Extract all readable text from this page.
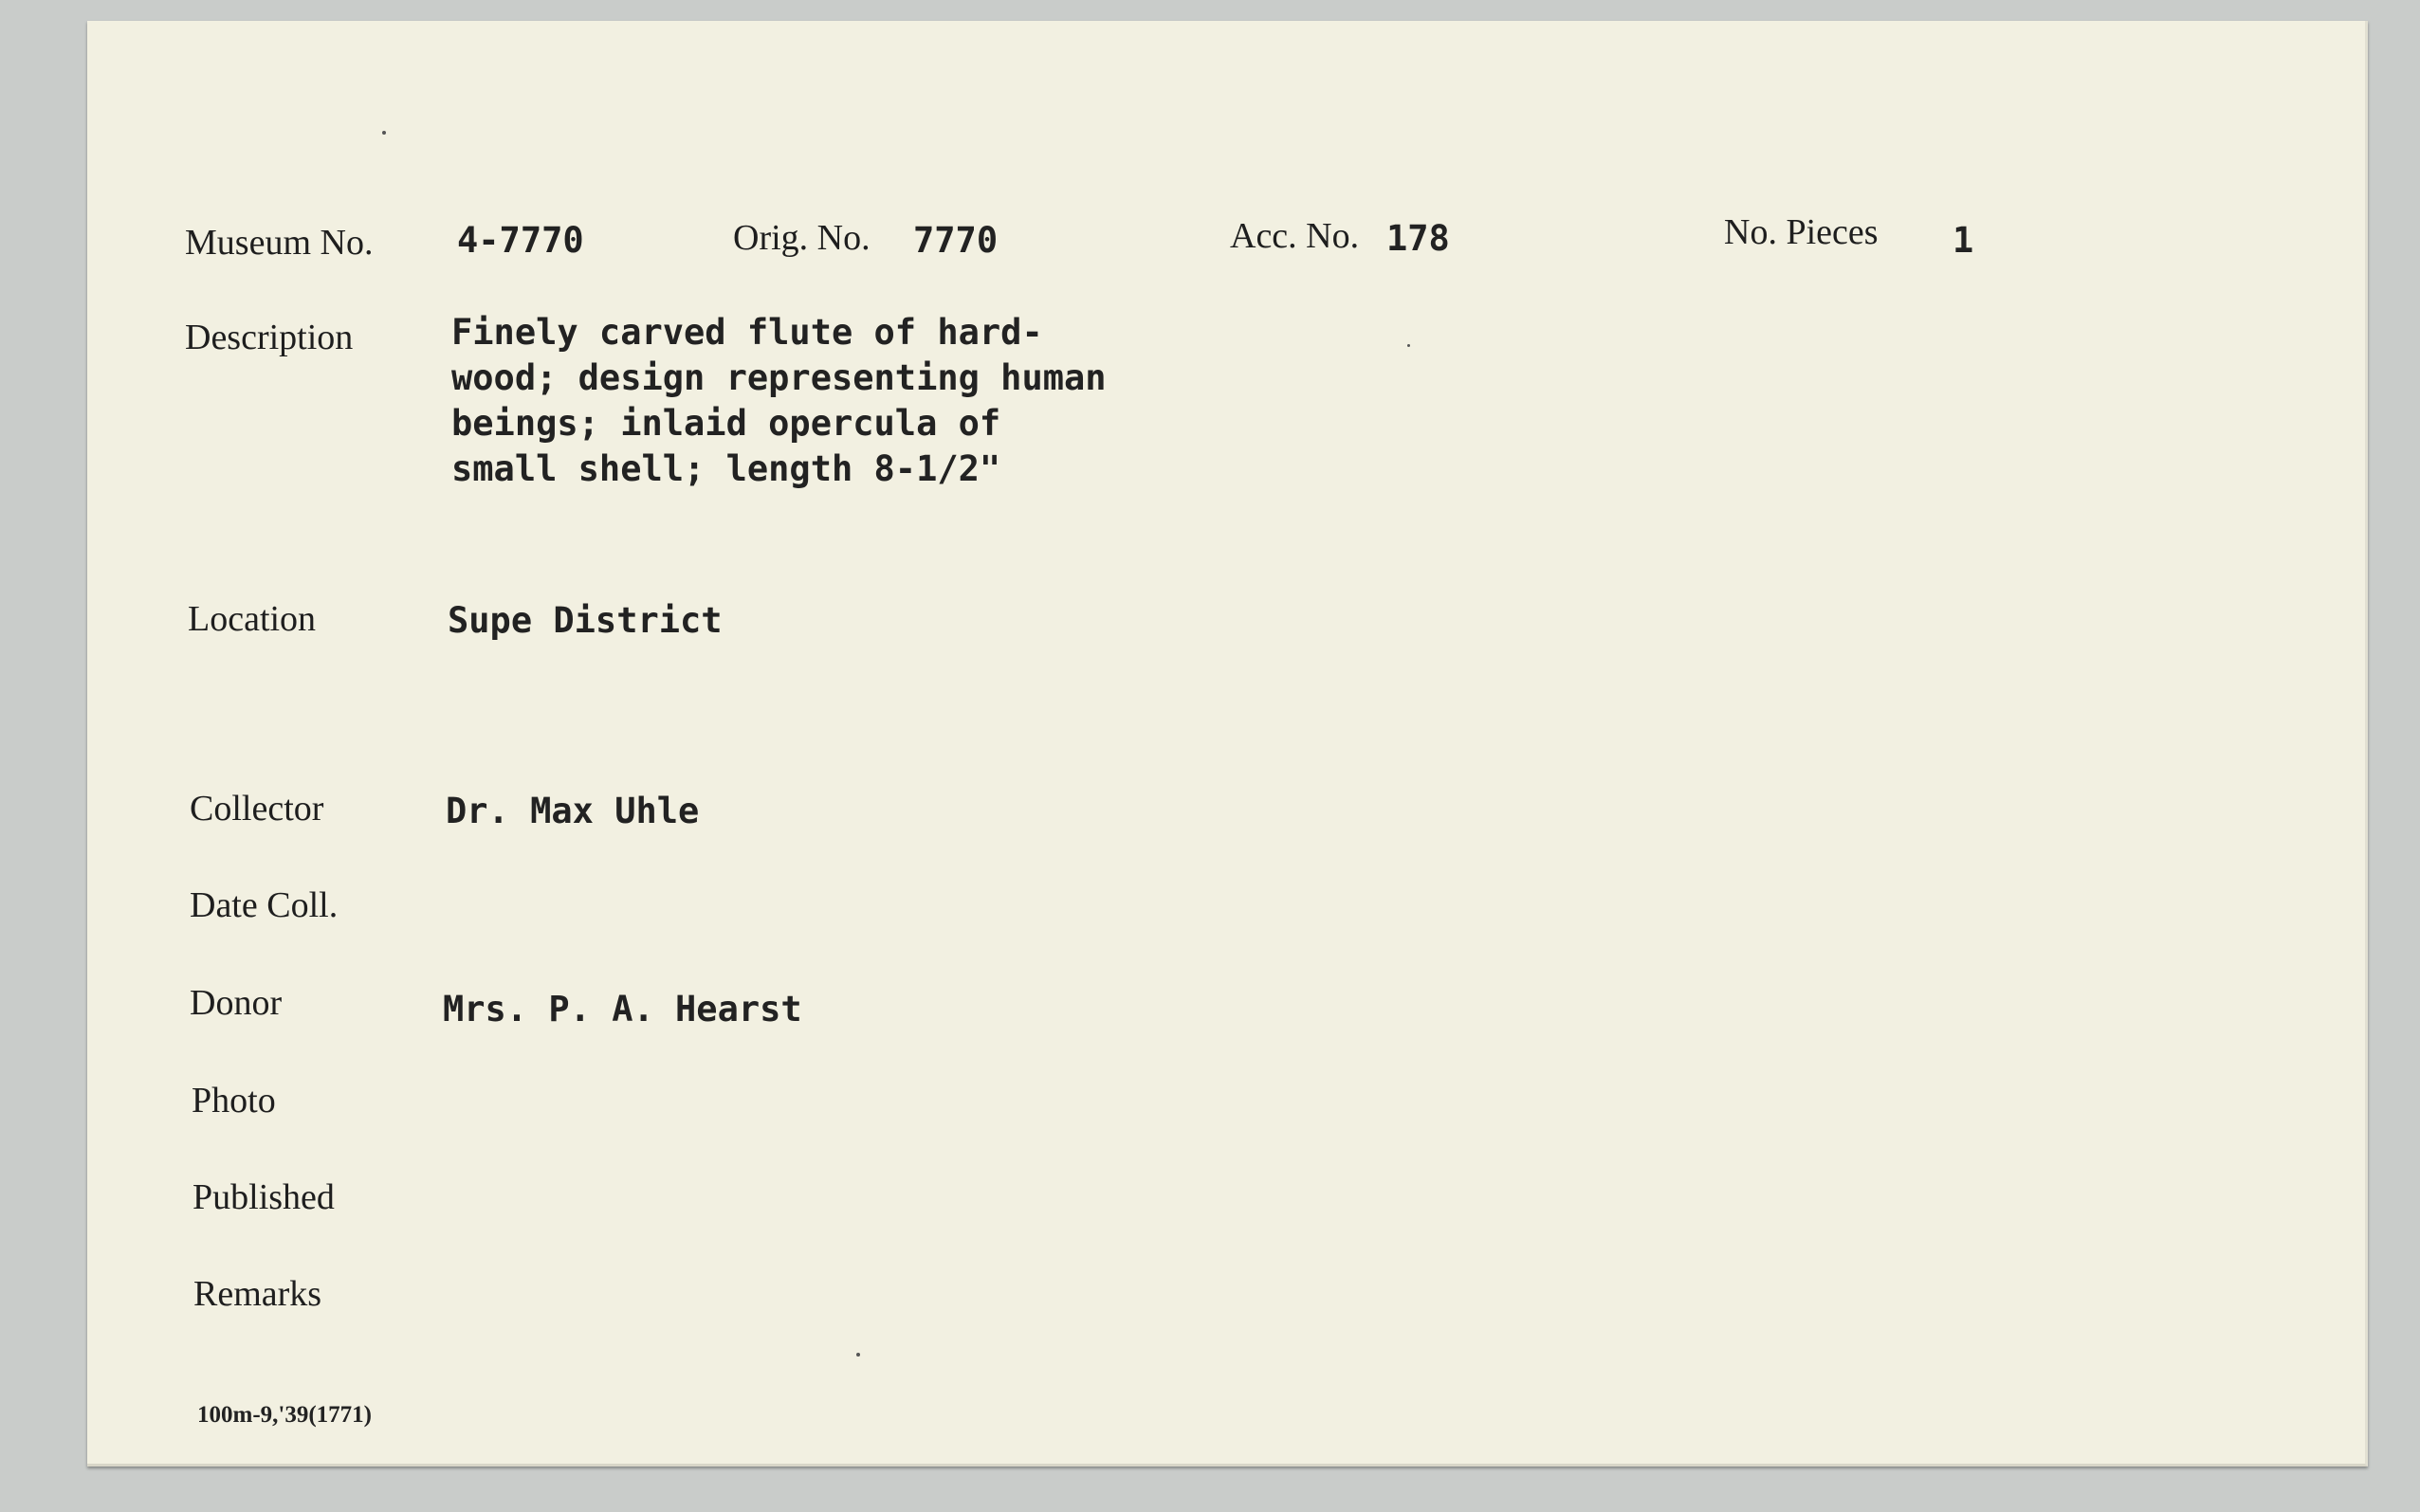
Museum No. 4-7770	Orig. No. 7770	Acc. No. 178	No. Pieces 1
Description	Finely carved flute of hard-
wood; design representing human
beings; inlaid opercula of
small shell; length 8-1/2"
Location	Supe District
Collector	Dr. Max Uhle
Date Coll.
Donor	Mrs. P. A. Hearst
Photo
Published
Remarks
100m-9,'39(1771)
